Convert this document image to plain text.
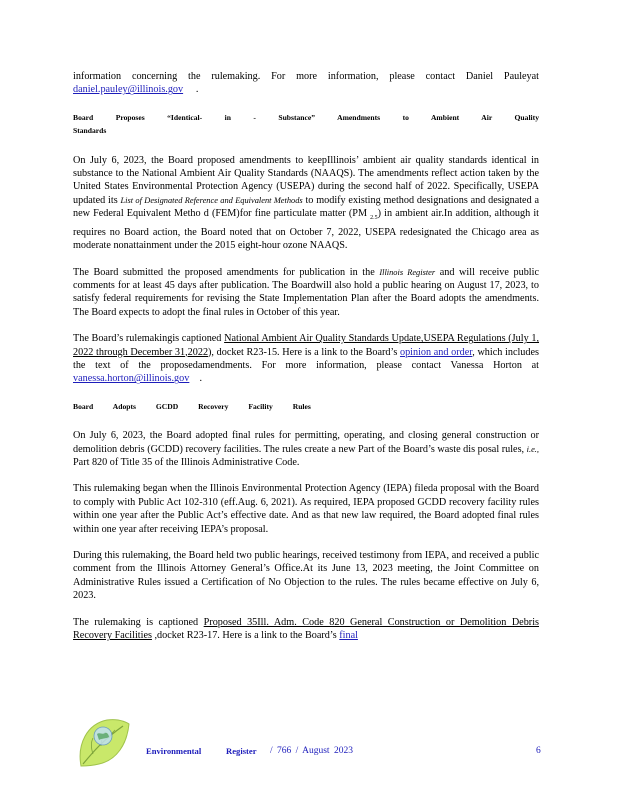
information concerning the rulemaking. For more information, please contact Daniel Pauleyat daniel.pauley@illinois.gov     .

Board Proposes “Identical- in - Substance” Amendments to Ambient Air Quality Standards

On July 6, 2023, the Board proposed amendments to keepIllinois’ ambient air quality standards identical in substance to the National Ambient Air Quality Standards (NAAQS). The amendments reflect action taken by the United States Environmental Protection Agency (USEPA) during the second half of 2022. Specifically, USEPA updated its List of Designated Reference and Equivalent Methods to modify existing method designations and designated a new Federal Equivalent Metho d (FEM)for fine particulate matter (PM $_{2.5}$) in ambient air.In addition, although it requires no Board action, the Board noted that on October 7, 2022, USEPA redesignated the Chicago area as moderate nonattainment under the 2015 eight-hour ozone NAAQS.

The Board submitted the proposed amendments for publication in the Illinois Register and will receive public comments for at least 45 days after publication. The Boardwill also hold a public hearing on August 17, 2023, to satisfy federal requirements for revising the State Implementation Plan after the Board adopts the amendments. The Board expects to adopt the final rules in October of this year.

The Board’s rulemakingis captioned National Ambient Air Quality Standards Update,USEPA Regulations (July 1, 2022 through December 31,2022), docket R23-15. Here is a link to the Board’s opinion and order, which includes the text of the proposedamendments. For more information, please contact Vanessa Horton at vanessa.horton@illinois.gov    .

Board Adopts GCDD Recovery Facility Rules

On July 6, 2023, the Board adopted final rules for permitting, operating, and closing general construction or demolition debris (GCDD) recovery facilities. The rules create a new Part of the Board’s waste dis posal rules, i.e., Part 820 of Title 35 of the Illinois Administrative Code.

This rulemaking began when the Illinois Environmental Protection Agency (IEPA) fileda proposal with the Board to comply with Public Act 102-310 (eff.Aug. 6, 2021). As required, IEPA proposed GCDD recovery facility rules within one year after the Public Act’s effective date. And as that new law required, the Board adopted final rules within one year after receiving IEPA’s proposal.

During this rulemaking, the Board held two public hearings, received testimony from IEPA, and received a public comment from the Illinois Attorney General’s Office.At its June 13, 2023 meeting, the Joint Committee on Administrative Rules issued a Certification of No Objection to the rules. The rules became effective on July 6, 2023.

The rulemaking is captioned Proposed 35Ill. Adm. Code 820 General Construction or Demolition Debris Recovery Facilities ,docket R23-17. Here is a link to the Board’s final

Environmental	Register / 766 / August 2023	6
